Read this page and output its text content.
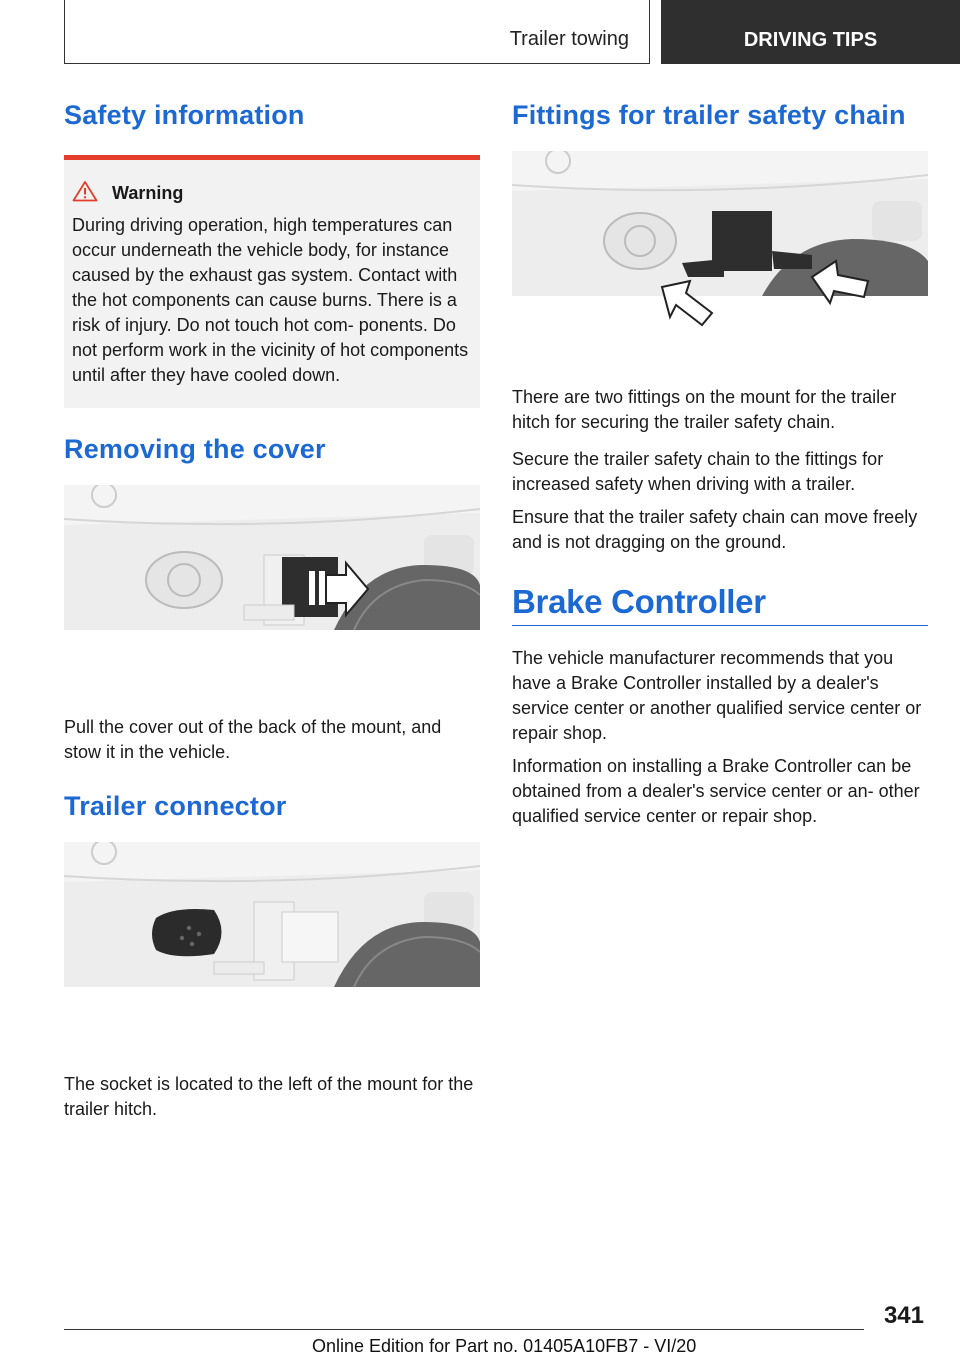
Trailer towing	DRIVING TIPS
Safety information
Warning

During driving operation, high temperatures can occur underneath the vehicle body, for instance caused by the exhaust gas system. Contact with the hot components can cause burns. There is a risk of injury. Do not touch hot com- ponents. Do not perform work in the vicinity of hot components until after they have cooled down.

Removing the cover

Pull the cover out of the back of the mount, and stow it in the vehicle.

Trailer connector

The socket is located to the left of the mount for the trailer hitch.

Fittings for trailer safety chain

There are two fittings on the mount for the trailer hitch for securing the trailer safety chain.

Secure the trailer safety chain to the fittings for increased safety when driving with a trailer.

Ensure that the trailer safety chain can move freely and is not dragging on the ground.

Brake Controller

The vehicle manufacturer recommends that you have a Brake Controller installed by a dealer's service center or another qualified service center or repair shop.

Information on installing a Brake Controller can be obtained from a dealer's service center or an- other qualified service center or repair shop.

341
Online Edition for Part no. 01405A10FB7 - VI/20
